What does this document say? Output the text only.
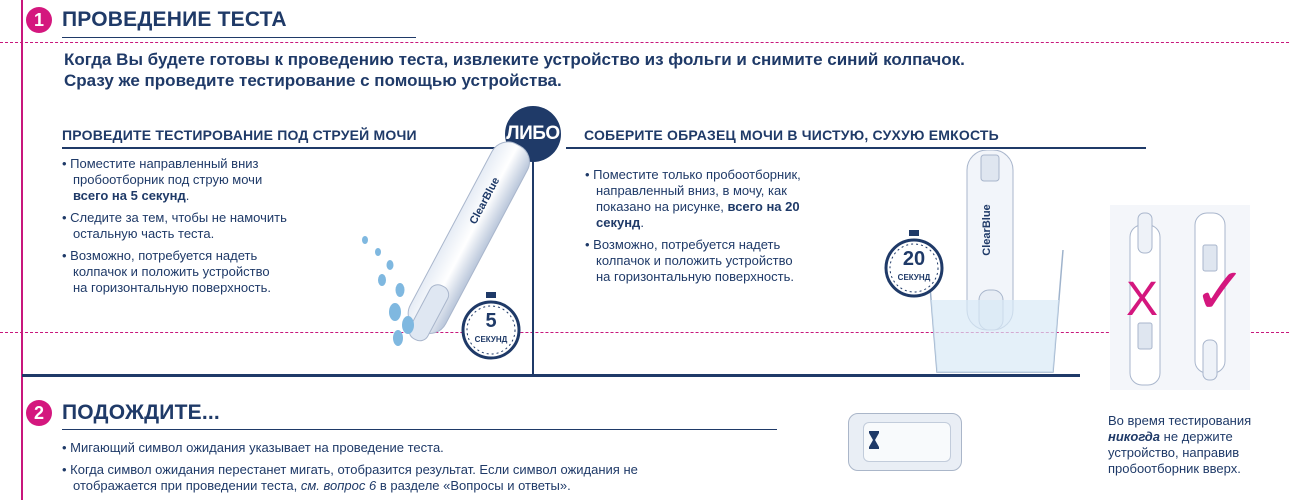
1 ПРОВЕДЕНИЕ ТЕСТА
Когда Вы будете готовы к проведению теста, извлеките устройство из фольги и снимите синий колпачок.
Сразу же проведите тестирование с помощью устройства.
ПРОВЕДИТЕ ТЕСТИРОВАНИЕ ПОД СТРУЕЙ МОЧИ	СОБЕРИТЕ ОБРАЗЕЦ МОЧИ В ЧИСТУЮ, СУХУЮ ЕМКОСТЬ
ЛИБО

• Поместите направленный вниз
пробоотборник под струю мочи
всего на 5 секунд.

• Следите за тем, чтобы не намочить
остальную часть теста.

• Возможно, потребуется надеть
колпачок и положить устройство
на горизонтальную поверхность.

• Поместите только пробоотборник,
направленный вниз, в мочу, как
показано на рисунке, всего на 20
секунд.

• Возможно, потребуется надеть
колпачок и положить устройство
на горизонтальную поверхность.

ClearBlue
5
СЕКУНД
ClearBlue
20
СЕКУНД	X ✓
2 ПОДОЖДИТЕ...

• Мигающий символ ожидания указывает на проведение теста.

• Когда символ ожидания перестанет мигать, отобразится результат. Если символ ожидания не
отображается при проведении теста, см. вопрос 6 в разделе «Вопросы и ответы».

Во время тестирования
никогда не держите
устройство, направив
пробоотборник вверх.
